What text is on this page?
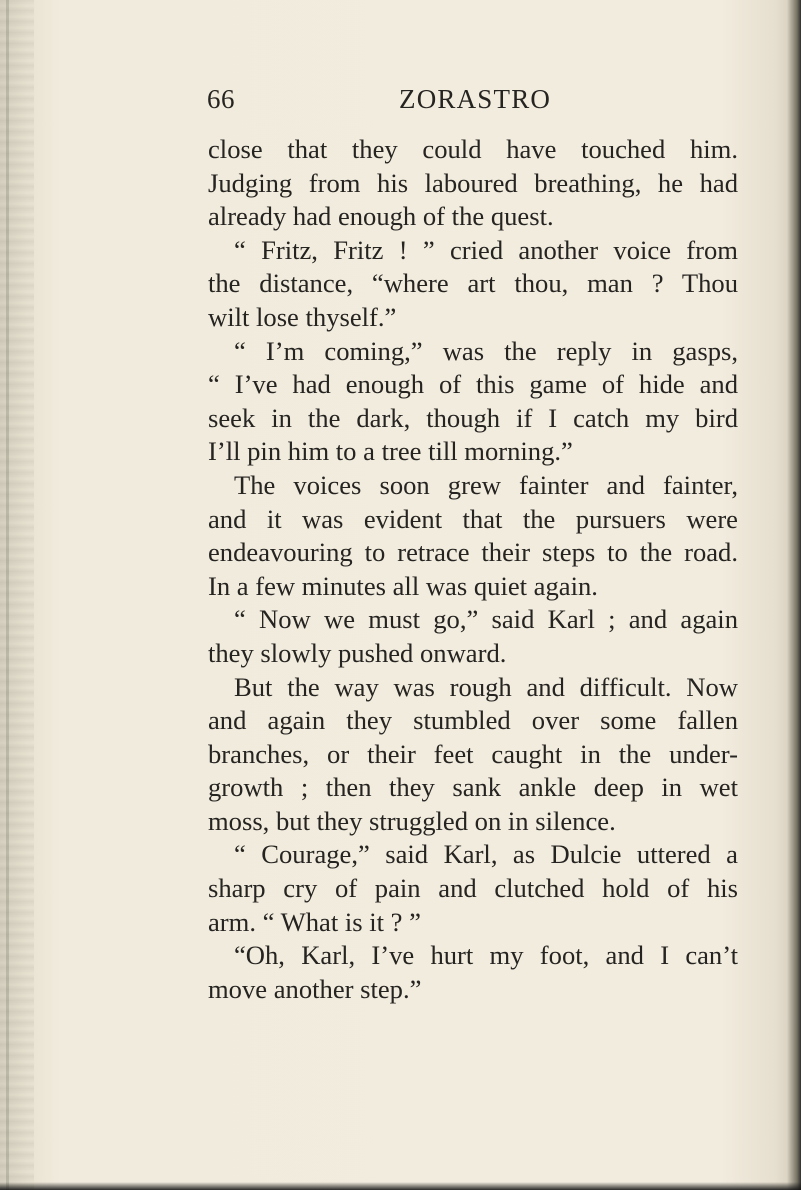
66	ZORASTRO
close that they could have touched him.
Judging from his laboured breathing, he had
already had enough of the quest.
“ Fritz, Fritz ! ” cried another voice from
the distance, “where art thou, man ? Thou
wilt lose thyself.”
“ I’m coming,” was the reply in gasps,
“ I’ve had enough of this game of hide and
seek in the dark, though if I catch my bird
I’ll pin him to a tree till morning.”
The voices soon grew fainter and fainter,
and it was evident that the pursuers were
endeavouring to retrace their steps to the road.
In a few minutes all was quiet again.
“ Now we must go,” said Karl ; and again
they slowly pushed onward.
But the way was rough and difficult. Now
and again they stumbled over some fallen
branches, or their feet caught in the under-
growth ; then they sank ankle deep in wet
moss, but they struggled on in silence.
“ Courage,” said Karl, as Dulcie uttered a
sharp cry of pain and clutched hold of his
arm. “ What is it ? ”
“Oh, Karl, I’ve hurt my foot, and I can’t
move another step.”
